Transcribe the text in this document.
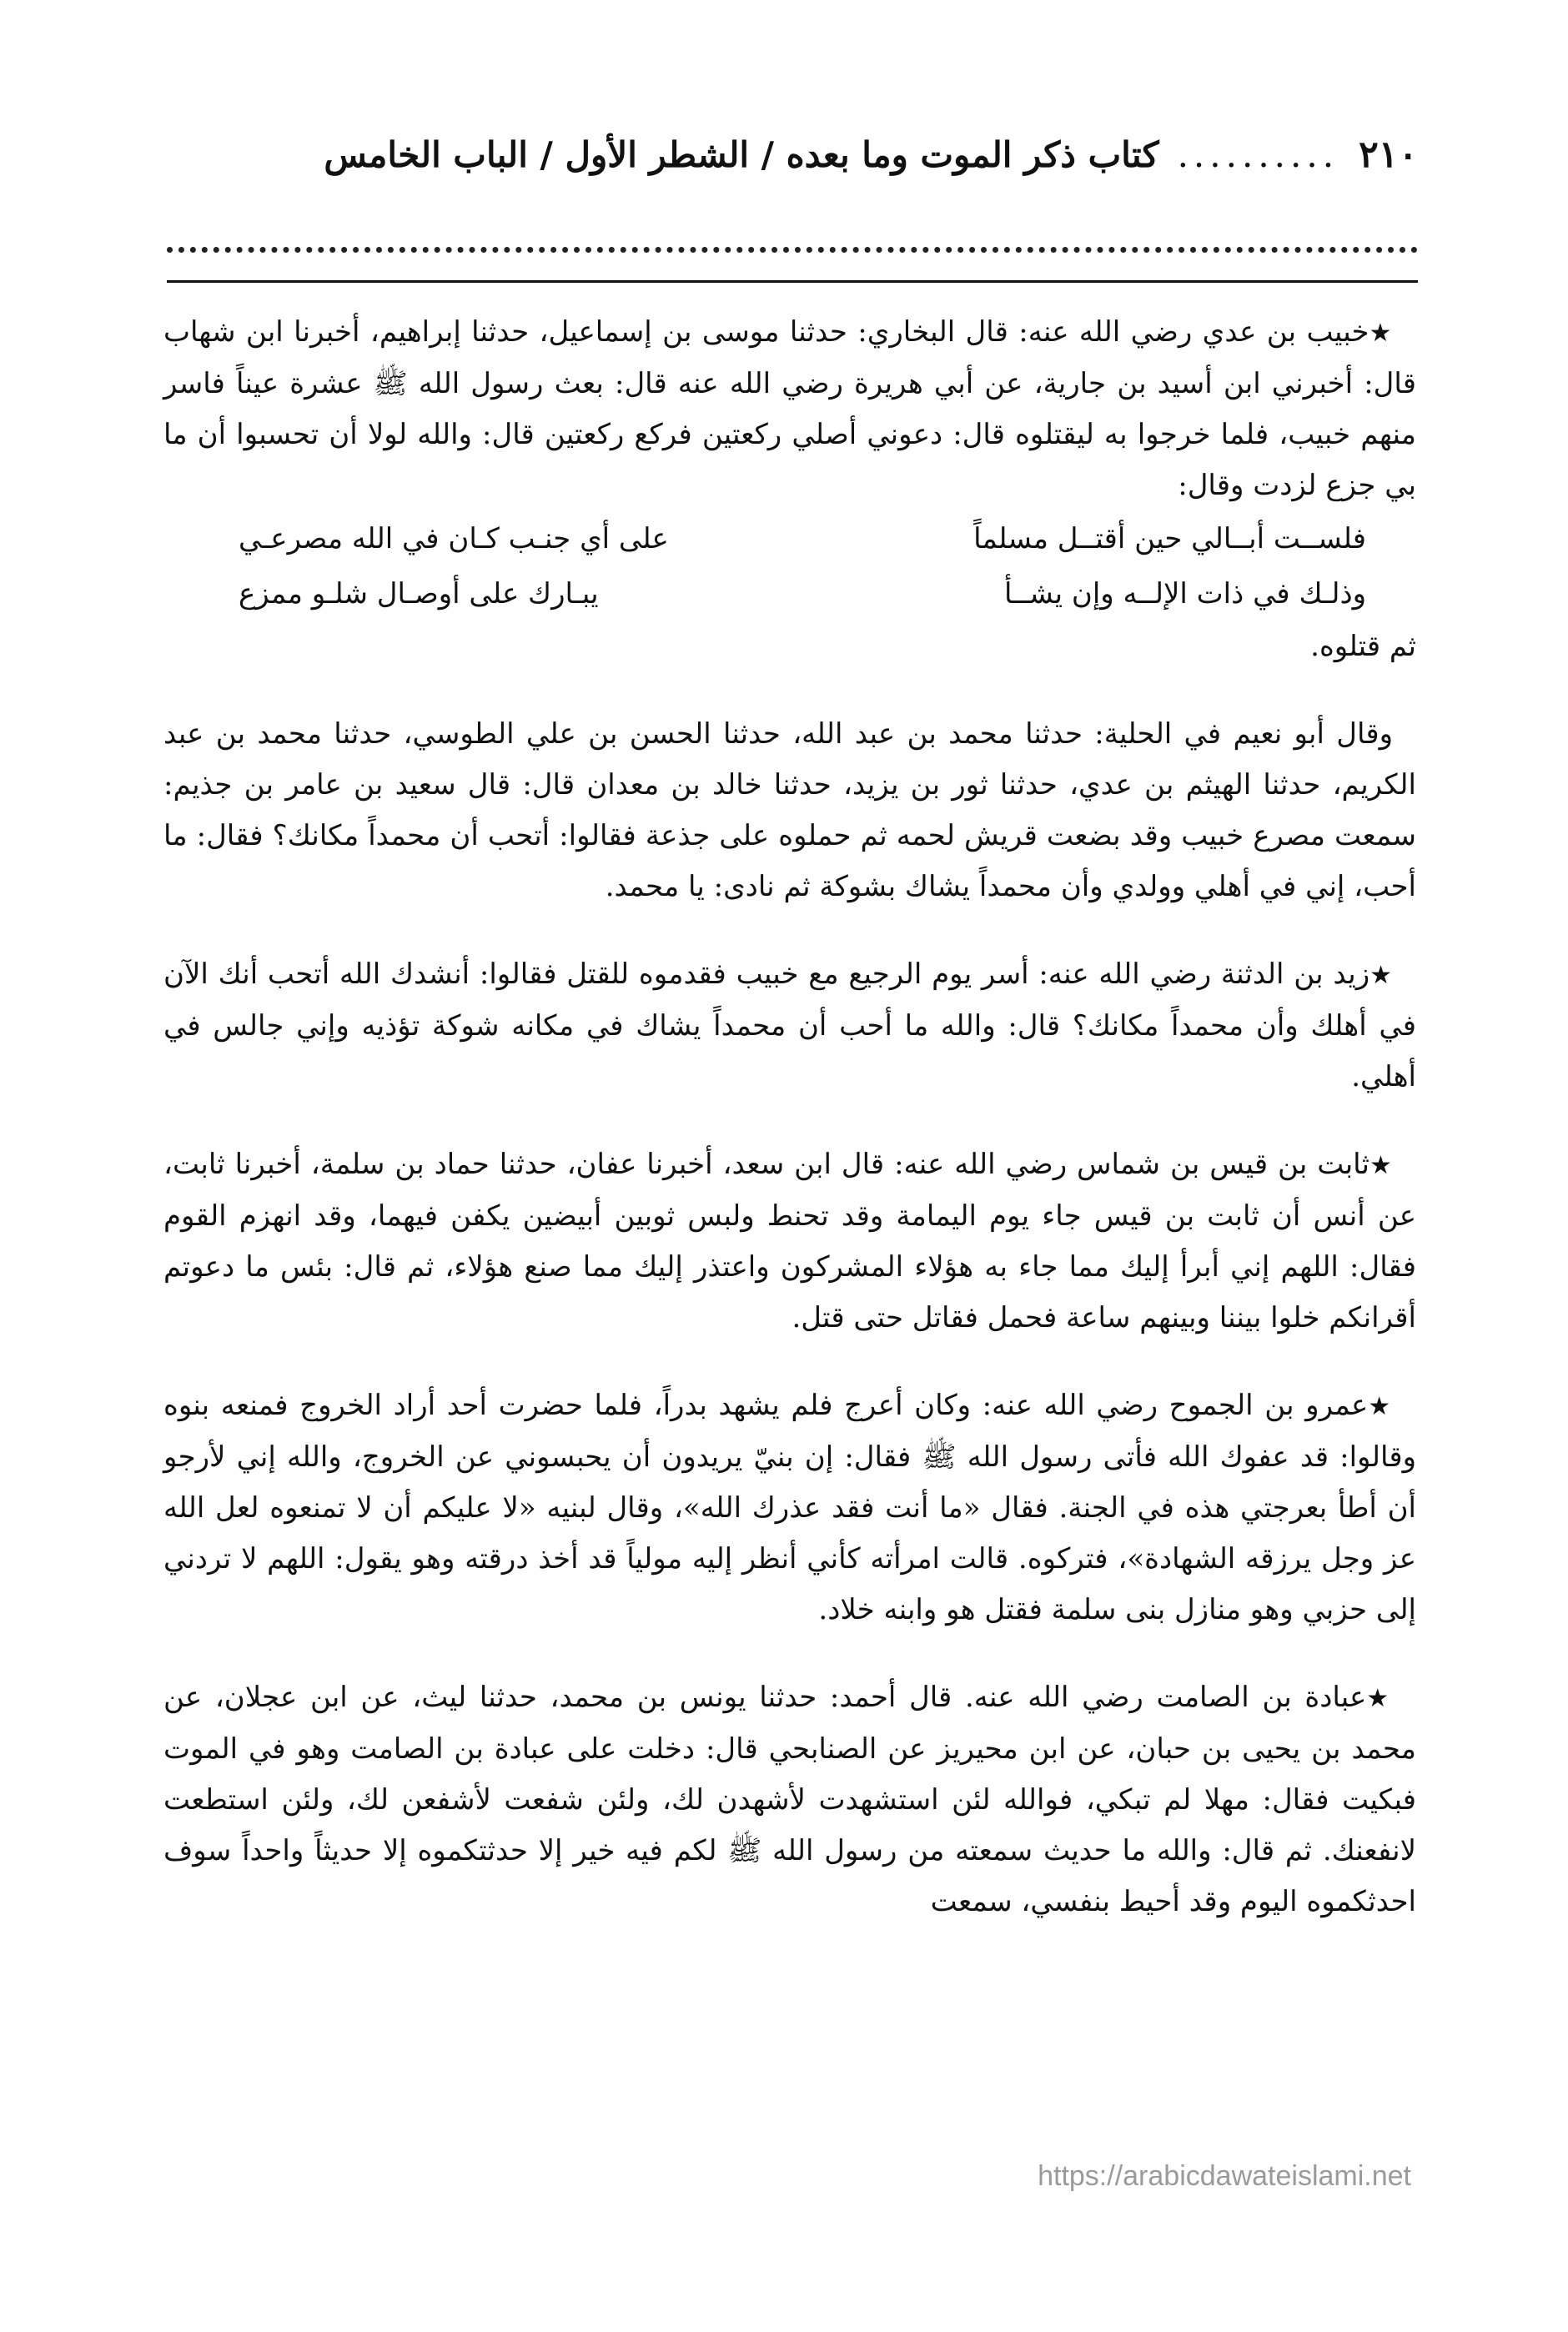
٢١٠
..........
كتاب ذكر الموت وما بعده / الشطر الأول / الباب الخامس

★خبيب بن عدي رضي الله عنه: قال البخاري: حدثنا موسى بن إسماعيل، حدثنا إبراهيم، أخبرنا ابن شهاب قال: أخبرني ابن أسيد بن جارية، عن أبي هريرة رضي الله عنه قال: بعث رسول الله ﷺ عشرة عيناً فاسر منهم خبيب، فلما خرجوا به ليقتلوه قال: دعوني أصلي ركعتين فركع ركعتين قال: والله لولا أن تحسبوا أن ما بي جزع لزدت وقال:

فلســت أبــالي حين أقتــل مسلماً
على أي جنـب كـان في الله مصرعـي
وذلـك في ذات الإلــه وإن يشــأ
يبـارك على أوصـال شلـو ممزع

ثم قتلوه.

وقال أبو نعيم في الحلية: حدثنا محمد بن عبد الله، حدثنا الحسن بن علي الطوسي، حدثنا محمد بن عبد الكريم، حدثنا الهيثم بن عدي، حدثنا ثور بن يزيد، حدثنا خالد بن معدان قال: قال سعيد بن عامر بن جذيم: سمعت مصرع خبيب وقد بضعت قريش لحمه ثم حملوه على جذعة فقالوا: أتحب أن محمداً مكانك؟ فقال: ما أحب، إني في أهلي وولدي وأن محمداً يشاك بشوكة ثم نادى: يا محمد.

★زيد بن الدثنة رضي الله عنه: أسر يوم الرجيع مع خبيب فقدموه للقتل فقالوا: أنشدك الله أتحب أنك الآن في أهلك وأن محمداً مكانك؟ قال: والله ما أحب أن محمداً يشاك في مكانه شوكة تؤذيه وإني جالس في أهلي.

★ثابت بن قيس بن شماس رضي الله عنه: قال ابن سعد، أخبرنا عفان، حدثنا حماد بن سلمة، أخبرنا ثابت، عن أنس أن ثابت بن قيس جاء يوم اليمامة وقد تحنط ولبس ثوبين أبيضين يكفن فيهما، وقد انهزم القوم فقال: اللهم إني أبرأ إليك مما جاء به هؤلاء المشركون واعتذر إليك مما صنع هؤلاء، ثم قال: بئس ما دعوتم أقرانكم خلوا بيننا وبينهم ساعة فحمل فقاتل حتى قتل.

★عمرو بن الجموح رضي الله عنه: وكان أعرج فلم يشهد بدراً، فلما حضرت أحد أراد الخروج فمنعه بنوه وقالوا: قد عفوك الله فأتى رسول الله ﷺ فقال: إن بنيّ يريدون أن يحبسوني عن الخروج، والله إني لأرجو أن أطأ بعرجتي هذه في الجنة. فقال «ما أنت فقد عذرك الله»، وقال لبنيه «لا عليكم أن لا تمنعوه لعل الله عز وجل يرزقه الشهادة»، فتركوه. قالت امرأته كأني أنظر إليه مولياً قد أخذ درقته وهو يقول: اللهم لا تردني إلى حزبي وهو منازل بنى سلمة فقتل هو وابنه خلاد.

★عبادة بن الصامت رضي الله عنه. قال أحمد: حدثنا يونس بن محمد، حدثنا ليث، عن ابن عجلان، عن محمد بن يحيى بن حبان، عن ابن محيريز عن الصنابحي قال: دخلت على عبادة بن الصامت وهو في الموت فبكيت فقال: مهلا لم تبكي، فوالله لئن استشهدت لأشهدن لك، ولئن شفعت لأشفعن لك، ولئن استطعت لانفعنك. ثم قال: والله ما حديث سمعته من رسول الله ﷺ لكم فيه خير إلا حدثتكموه إلا حديثاً واحداً سوف احدثكموه اليوم وقد أحيط بنفسي، سمعت

https://arabicdawateislami.net
